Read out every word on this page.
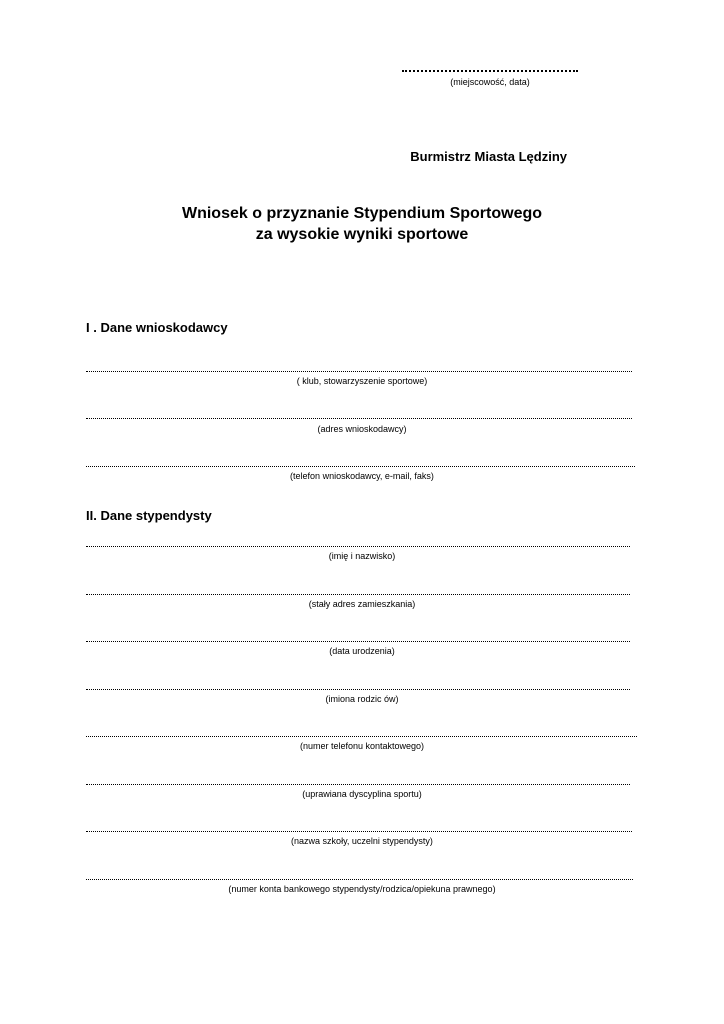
(miejscowość, data)
Burmistrz Miasta Lędziny
Wniosek o przyznanie Stypendium Sportowego
za wysokie wyniki sportowe
I . Dane wnioskodawcy
( klub, stowarzyszenie sportowe)
(adres wnioskodawcy)
(telefon wnioskodawcy, e-mail, faks)
II. Dane stypendysty
(imię i nazwisko)
(stały adres zamieszkania)
(data urodzenia)
(imiona rodzic ów)
(numer telefonu kontaktowego)
(uprawiana dyscyplina sportu)
(nazwa szkoły, uczelni stypendysty)
(numer konta bankowego stypendysty/rodzica/opiekuna prawnego)
